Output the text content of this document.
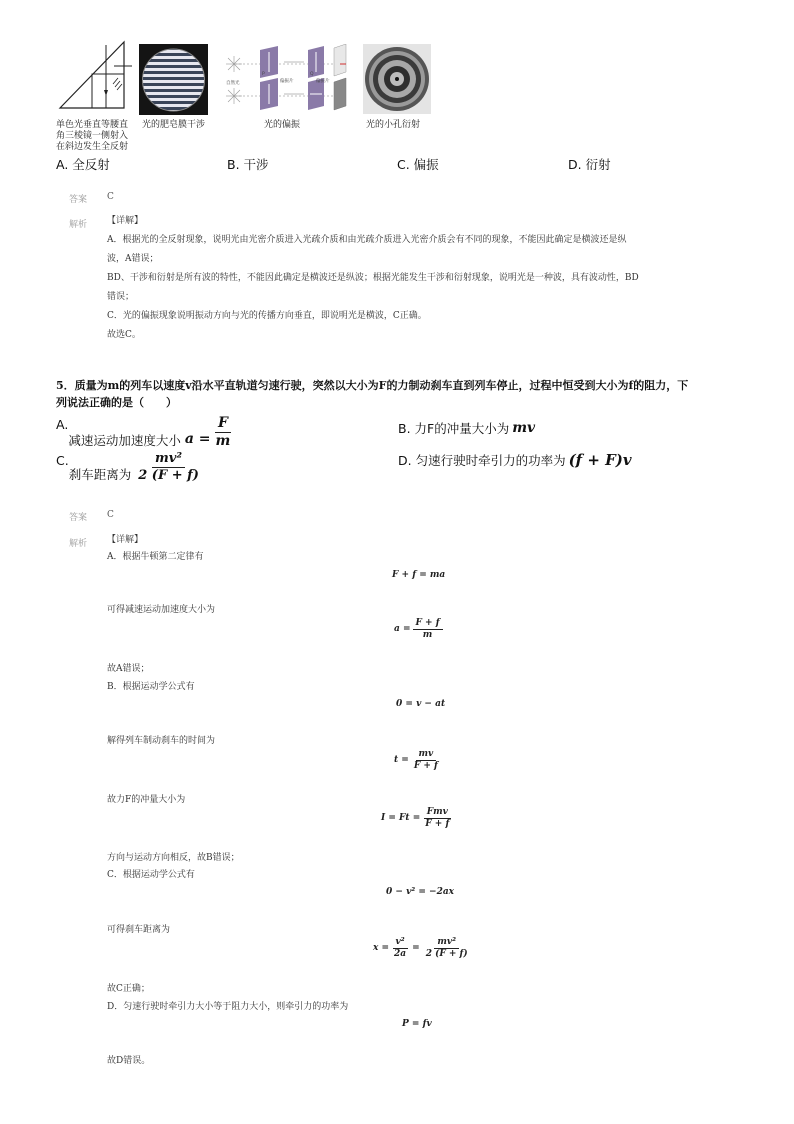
单色光垂直等腰直
角三棱镜一侧射入
在斜边发生全反射
光的肥皂膜干涉
自然光	偏振片	偏振片
P	Q
光的偏振	光的小孔衍射
A. 全反射	B. 干涉	C. 偏振	D. 衍射
答案 C
解析 【详解】
A．根据光的全反射现象，说明光由光密介质进入光疏介质和由光疏介质进入光密介质会有不同的现象，不能因此确定是横波还是纵
波，A错误；
BD、干涉和衍射是所有波的特性，不能因此确定是横波还是纵波；根据光能发生干涉和衍射现象，说明光是一种波，具有波动性，BD
错误；
C．光的偏振现象说明振动方向与光的传播方向垂直，即说明光是横波，C正确。
故选C。
5．质量为m的列车以速度v沿水平直轨道匀速行驶，突然以大小为F的力制动刹车直到列车停止，过程中恒受到大小为f的阻力，下
列说法正确的是（　　）
A.
减速运动加速度大小 $a = \frac{F}{m}$	B. 力F的冲量大小为 mv
C.
刹车距离为 $\frac{\text{mv²}}{2 (F + f)}$	D. 匀速行驶时牵引力的功率为 (f + F)v
答案 C
解析 【详解】
A．根据牛顿第二定律有
F + f = ma
可得减速运动加速度大小为
$a = \frac{F + f}{m}$
故A错误；
B．根据运动学公式有
0 = v − at
解得列车制动刹车的时间为
$t = \frac{mv}{F + f}$
故力F的冲量大小为
$I = Ft = \frac{\text{Fmv}}{F + f}$
方向与运动方向相反，故B错误；
C．根据运动学公式有
0 − v² = −2ax
可得刹车距离为
$x = \frac{\text{v²}}{2a} = \frac{\text{mv²}}{2 (F + f)}$
故C正确；
D．匀速行驶时牵引力大小等于阻力大小，则牵引力的功率为
P = fv
故D错误。
